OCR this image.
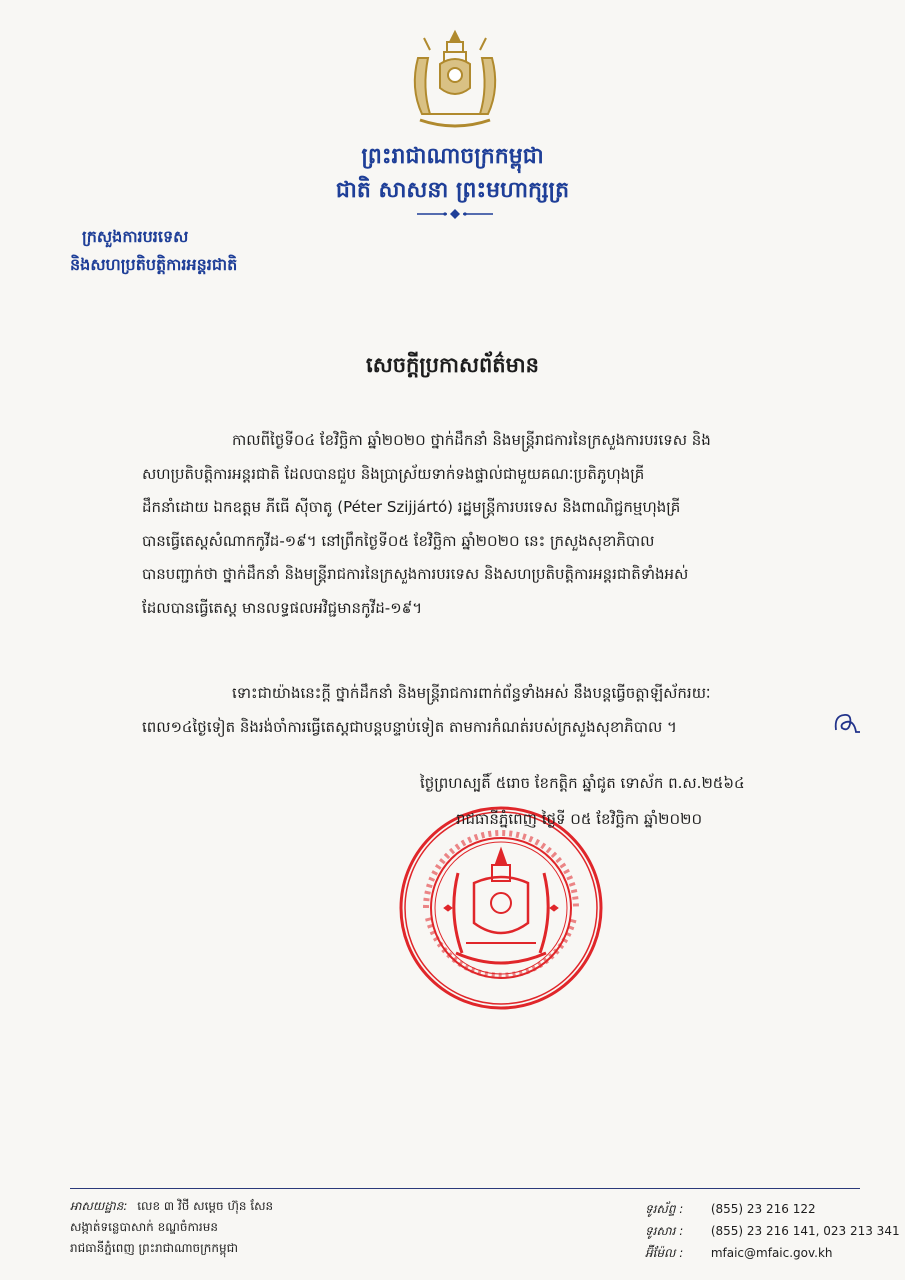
ព្រះរាជាណាចក្រកម្ពុជា
ជាតិ សាសនា ព្រះមហាក្សត្រ
ក្រសួងការបរទេស
និងសហប្រតិបត្តិការអន្តរជាតិ
សេចក្តីប្រកាសព័ត៌មាន
កាលពីថ្ងៃទី០៤ ខែវិច្ឆិកា ឆ្នាំ២០២០ ថ្នាក់ដឹកនាំ និងមន្ត្រីរាជការនៃក្រសួងការបរទេស និង
សហប្រតិបត្តិការអន្តរជាតិ ដែលបានជួប និងប្រាស្រ័យទាក់ទងផ្ទាល់ជាមួយគណៈប្រតិភូហុងគ្រី
ដឹកនាំដោយ ឯកឧត្តម ភីធើ ស៊ីចាតូ (Péter Szijjártó) រដ្ឋមន្ត្រីការបរទេស និងពាណិជ្ជកម្មហុងគ្រី
បានធ្វើតេស្តសំណាកកូវីដ-១៩។ នៅព្រឹកថ្ងៃទី០៥ ខែវិច្ឆិកា ឆ្នាំ២០២០ នេះ ក្រសួងសុខាភិបាល
បានបញ្ជាក់ថា ថ្នាក់ដឹកនាំ និងមន្ត្រីរាជការនៃក្រសួងការបរទេស និងសហប្រតិបត្តិការអន្តរជាតិទាំងអស់
ដែលបានធ្វើតេស្ត មានលទ្ធផលអវិជ្ជមានកូវីដ-១៩។
ទោះជាយ៉ាងនេះក្តី ថ្នាក់ដឹកនាំ និងមន្ត្រីរាជការពាក់ព័ន្ធទាំងអស់ នឹងបន្តធ្វើចត្តាឡីស័ករយៈ
ពេល១៤ថ្ងៃទៀត និងរង់ចាំការធ្វើតេស្តជាបន្តបន្ទាប់ទៀត តាមការកំណត់របស់ក្រសួងសុខាភិបាល ។
ថ្ងៃព្រហស្បតិ៍ ៥រោច ខែកត្តិក ឆ្នាំជូត ទោស័ក ព.ស.២៥៦៤
រាជធានីភ្នំពេញ ថ្ងៃទី ០៥ ខែវិច្ឆិកា ឆ្នាំ២០២០
អាសយដ្ឋាន: លេខ ៣ វិថី សម្តេច ហ៊ុន សែន
សង្កាត់ទន្លេបាសាក់ ខណ្ឌចំការមន
រាជធានីភ្នំពេញ ព្រះរាជាណាចក្រកម្ពុជា
ទូរស័ព្ទ : (855) 23 216 122
ទូរសារ : (855) 23 216 141, 023 213 341
អ៊ីម៉ែល : mfaic@mfaic.gov.kh
